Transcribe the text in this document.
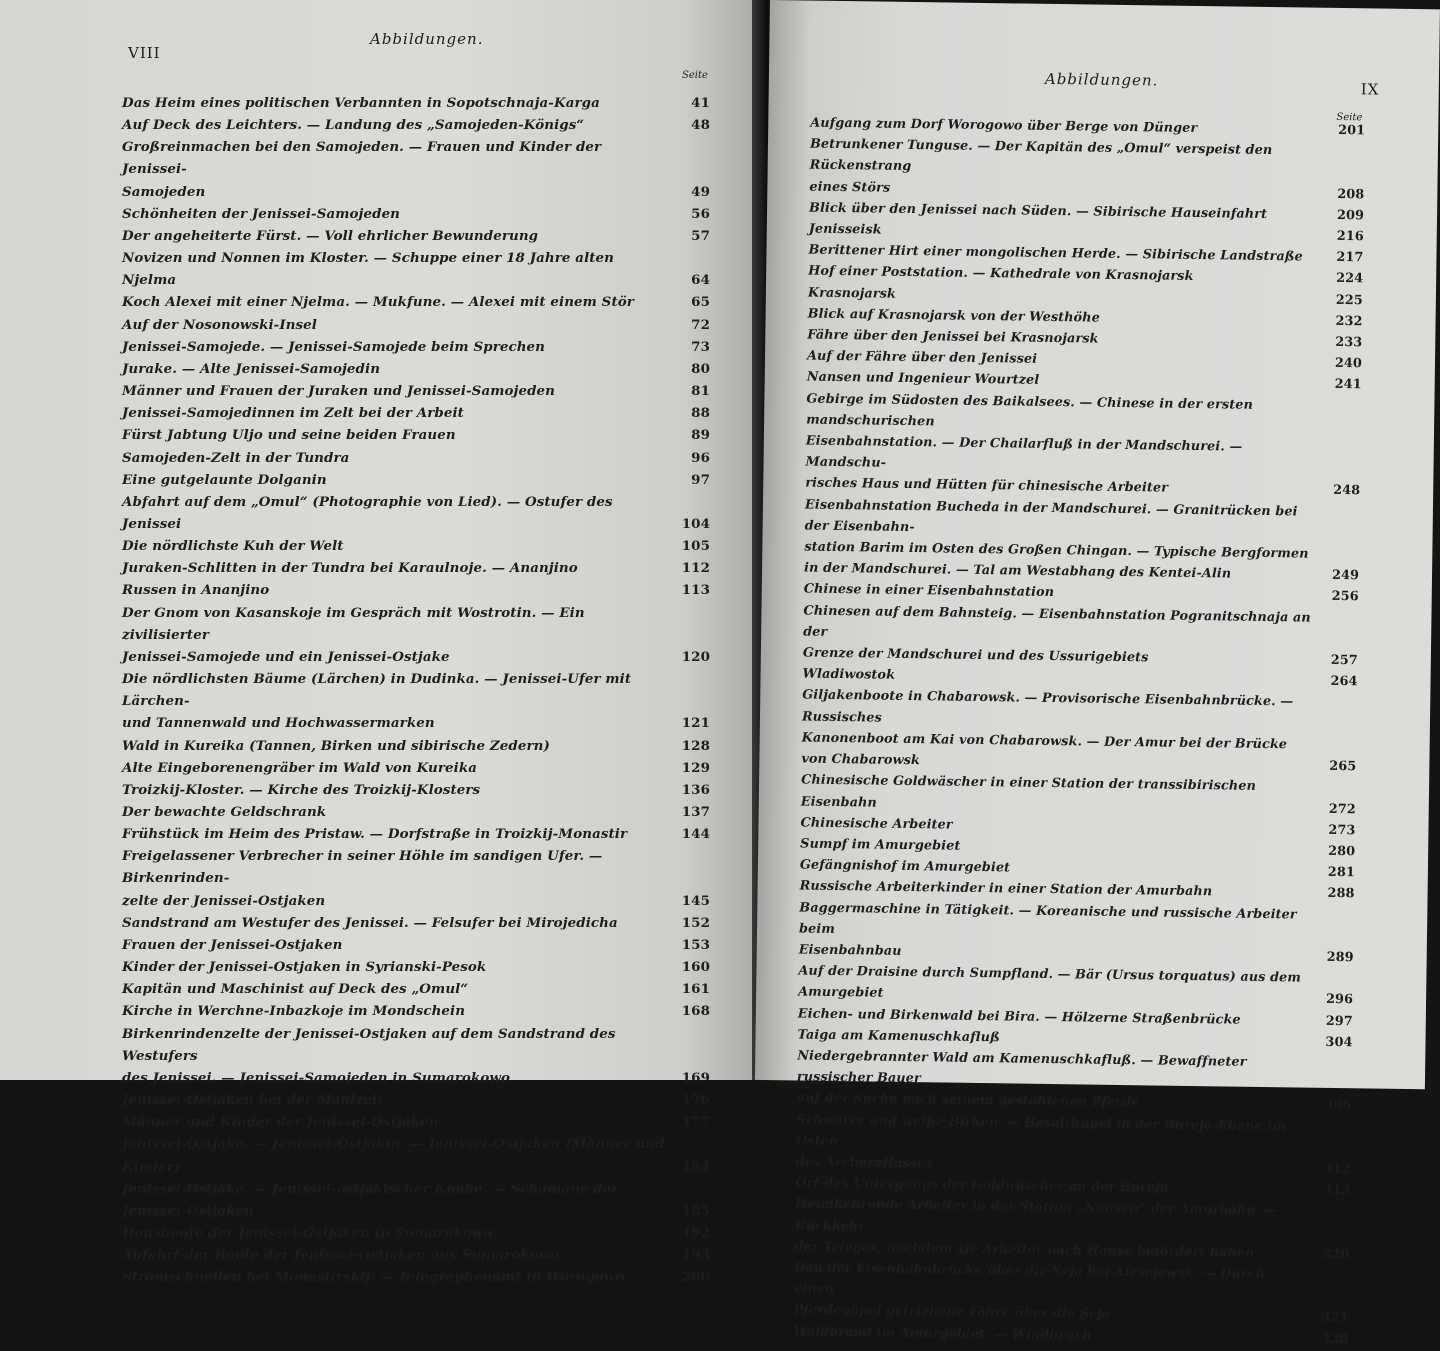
VIII
Abbildungen.
Seite
Das Heim eines politischen Verbannten in Sopotschnaja-Karga	41
Auf Deck des Leichters. — Landung des „Samojeden-Königs“	48
Großreinmachen bei den Samojeden. — Frauen und Kinder der Jenissei-
Samojeden	49
Schönheiten der Jenissei-Samojeden	56
Der angeheiterte Fürst. — Voll ehrlicher Bewunderung	57
Novizen und Nonnen im Kloster. — Schuppe einer 18 Jahre alten Njelma	64
Koch Alexei mit einer Njelma. — Mukfune. — Alexei mit einem Stör	65
Auf der Nosonowski-Insel	72
Jenissei-Samojede. — Jenissei-Samojede beim Sprechen	73
Jurake. — Alte Jenissei-Samojedin	80
Männer und Frauen der Juraken und Jenissei-Samojeden	81
Jenissei-Samojedinnen im Zelt bei der Arbeit	88
Fürst Jabtung Uljo und seine beiden Frauen	89
Samojeden-Zelt in der Tundra	96
Eine gutgelaunte Dolganin	97
Abfahrt auf dem „Omul“ (Photographie von Lied). — Ostufer des Jenissei	104
Die nördlichste Kuh der Welt	105
Juraken-Schlitten in der Tundra bei Karaulnoje. — Ananjino	112
Russen in Ananjino	113
Der Gnom von Kasanskoje im Gespräch mit Wostrotin. — Ein zivilisierter
Jenissei-Samojede und ein Jenissei-Ostjake	120
Die nördlichsten Bäume (Lärchen) in Dudinka. — Jenissei-Ufer mit Lärchen-
und Tannenwald und Hochwassermarken	121
Wald in Kureika (Tannen, Birken und sibirische Zedern)	128
Alte Eingeborenengräber im Wald von Kureika	129
Troizkij-Kloster. — Kirche des Troizkij-Klosters	136
Der bewachte Geldschrank	137
Frühstück im Heim des Pristaw. — Dorfstraße in Troizkij-Monastir	144
Freigelassener Verbrecher in seiner Höhle im sandigen Ufer. — Birkenrinden-
zelte der Jenissei-Ostjaken	145
Sandstrand am Westufer des Jenissei. — Felsufer bei Mirojedicha	152
Frauen der Jenissei-Ostjaken	153
Kinder der Jenissei-Ostjaken in Syrianski-Pesok	160
Kapitän und Maschinist auf Deck des „Omul“	161
Kirche in Werchne-Inbazkoje im Mondschein	168
Birkenrindenzelte der Jenissei-Ostjaken auf dem Sandstrand des Westufers
des Jenissei. — Jenissei-Samojeden in Sumarokowo	169
Jenissei-Ostjaken bei der Mahlzeit	176
Männer und Kinder der Jenissei-Ostjaken	177
Jenissei-Ostjake. — Jenissei-Ostjakin. — Jenissei-Ostjaken (Männer und Kinder)	184
Jenissei-Ostjake. — Jenissei-ostjakischer Knabe. — Schamane der Jenissei-Ostjaken	185
Hausboote der Jenissei-Ostjaken in Sumarokowo	192
Abfahrt der Boote der Jenissei-Ostjaken aus Sumarokowo	193
Stromschnellen bei Monastirskij. — Telegraphenamt in Worogowo	200
Abbildungen.	IX
Seite
Aufgang zum Dorf Worogowo über Berge von Dünger	201
Betrunkener Tunguse. — Der Kapitän des „Omul“ verspeist den Rückenstrang
eines Störs	208
Blick über den Jenissei nach Süden. — Sibirische Hauseinfahrt	209
Jenisseisk	216
Berittener Hirt einer mongolischen Herde. — Sibirische Landstraße	217
Hof einer Poststation. — Kathedrale von Krasnojarsk	224
Krasnojarsk	225
Blick auf Krasnojarsk von der Westhöhe	232
Fähre über den Jenissei bei Krasnojarsk	233
Auf der Fähre über den Jenissei	240
Nansen und Ingenieur Wourtzel	241
Gebirge im Südosten des Baikalsees. — Chinese in der ersten mandschurischen
Eisenbahnstation. — Der Chailarfluß in der Mandschurei. — Mandschu-
risches Haus und Hütten für chinesische Arbeiter	248
Eisenbahnstation Bucheda in der Mandschurei. — Granitrücken bei der Eisenbahn-
station Barim im Osten des Großen Chingan. — Typische Bergformen
in der Mandschurei. — Tal am Westabhang des Kentei-Alin	249
Chinese in einer Eisenbahnstation	256
Chinesen auf dem Bahnsteig. — Eisenbahnstation Pogranitschnaja an der
Grenze der Mandschurei und des Ussurigebiets	257
Wladiwostok	264
Giljakenboote in Chabarowsk. — Provisorische Eisenbahnbrücke. — Russisches
Kanonenboot am Kai von Chabarowsk. — Der Amur bei der Brücke
von Chabarowsk	265
Chinesische Goldwäscher in einer Station der transsibirischen Eisenbahn	272
Chinesische Arbeiter	273
Sumpf im Amurgebiet	280
Gefängnishof im Amurgebiet	281
Russische Arbeiterkinder in einer Station der Amurbahn	288
Baggermaschine in Tätigkeit. — Koreanische und russische Arbeiter beim
Eisenbahnbau	289
Auf der Draisine durch Sumpfland. — Bär (Ursus torquatus) aus dem Amurgebiet	296
Eichen- und Birkenwald bei Bira. — Hölzerne Straßenbrücke	297
Taiga am Kamenuschkafluß	304
Niedergebrannter Wald am Kamenuschkafluß. — Bewaffneter russischer Bauer
auf der Suche nach seinem gestohlenen Pferde	305
Schwarze und weiße Birken. — Basalthügel in der Bureja-Ebene im Osten
des Archaraflusses	312
Ort des Untergangs der Goldwäscher an der Bureja	313
Heimkehrende Arbeiter in der Station „Nansen“ der Amurbahn. — Rückkehr
der Telegas, nachdem sie Arbeiter nach Hause befördert haben	320
Bau der Eisenbahnbrücke über die Seja bei Alexejewsk. — Durch einen
Pferdegöpel getriebene Fähre über die Seja	321
Waldbrand im Amurgebiet. — Windbruch	328
